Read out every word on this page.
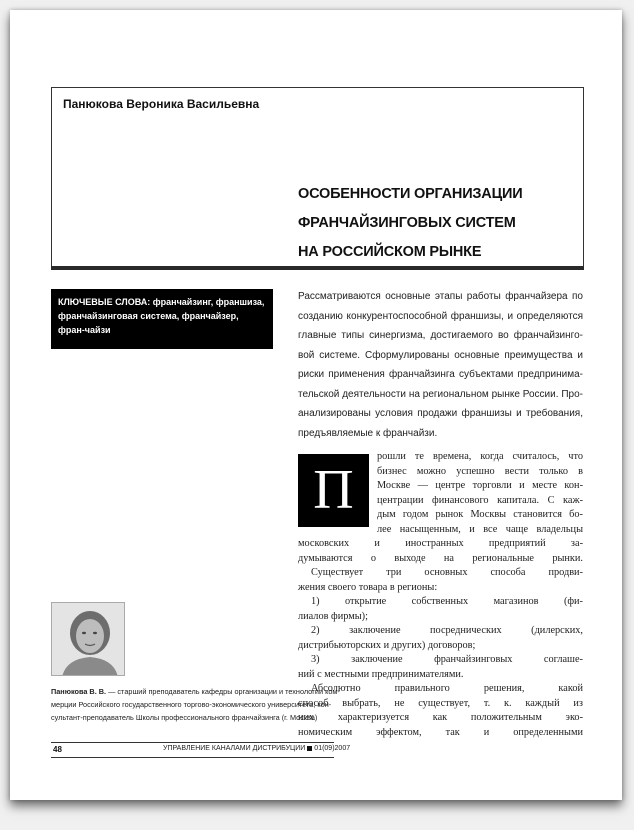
Панюкова Вероника Васильевна
ОСОБЕННОСТИ ОРГАНИЗАЦИИ
ФРАНЧАЙЗИНГОВЫХ СИСТЕМ
НА РОССИЙСКОМ РЫНКЕ
КЛЮЧЕВЫЕ СЛОВА: франчайзинг, франшиза, франчайзинговая система, франчайзер, фран-чайзи
Рассматриваются основные этапы работы франчайзера по созданию конкурентоспособной франшизы, и определяются главные типы синергизма, достигаемого во франчайзинго-вой системе. Сформулированы основные преимущества и риски применения франчайзинга субъектами предпринима-тельской деятельности на региональном рынке России. Про-анализированы условия продажи франшизы и требования, предъявляемые к франчайзи.
П
рошли те времена, когда считалось, что
бизнес можно успешно вести только в
Москве — центре торговли и месте кон-
центрации финансового капитала. С каж-
дым годом рынок Москвы становится бо-
лее насыщенным, и все чаще владельцы
московских и иностранных предприятий за-
думываются о выходе на региональные рынки.
Существует три основных способа продви-
жения своего товара в регионы:
1) открытие собственных магазинов (фи-
лиалов фирмы);
2) заключение посреднических (дилерских,
дистрибьюторских и других) договоров;
3) заключение франчайзинговых соглаше-
ний с местными предпринимателями.
Абсолютно правильного решения, какой
способ выбрать, не существует, т. к. каждый из
них характеризуется как положительным эко-
номическим эффектом, так и определенными
Панюкова В. В. — старший преподаватель кафедры организации и технологии ком-мерции Российского государственного торгово-экономического университета, кон-сультант-преподаватель Школы профессионального франчайзинга (г. Москва)
48	УПРАВЛЕНИЕ КАНАЛАМИ ДИСТРИБУЦИИ 01(09)2007
